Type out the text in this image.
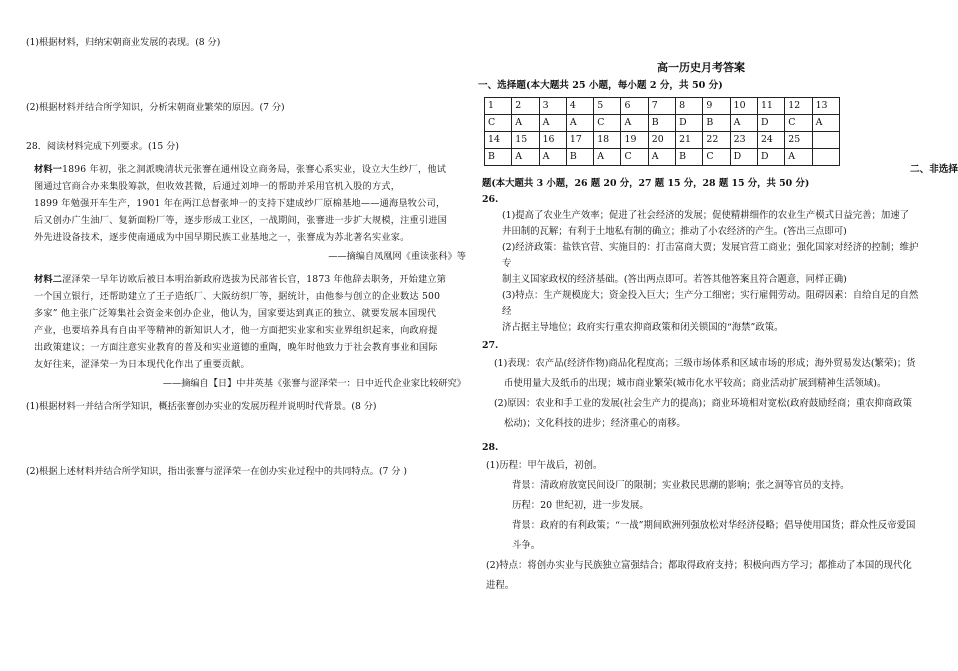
(1)根据材料，归纳宋朝商业发展的表现。(8 分)

(2)根据材料并结合所学知识，分析宋朝商业繁荣的原因。(7 分)

28．阅读材料完成下列要求。(15 分)

材料一1896 年初，张之洞派晚清状元张謇在通州设立商务局，张謇心系实业，设立大生纱厂，他试

图通过官商合办来集股筹款，但收效甚微，后通过刘坤一的帮助并采用官机入股的方式，

1899 年勉强开车生产，1901 年在两江总督张坤一的支持下建成纱厂原棉基地——通海垦牧公司，

后又创办广生油厂、复新面粉厂等，逐步形成工业区，一战期间，张謇进一步扩大规模，注重引进国

外先进设备技术，逐步使南通成为中国早期民族工业基地之一，张謇成为苏北著名实业家。

——摘编自凤凰网《重读张科》等

材料二涩泽荣一早年访欧后被日本明治新政府选拔为民部省长官，1873 年他辞去职务，开始建立第

一个国立银行，还帮助建立了王子造纸厂、大阪纺织厂等，据统计，由他参与创立的企业数达 500

多家” 他主张广泛筹集社会资金来创办企业，他认为，国家要达到真正的独立、就要发展本国现代

产业，也要培养具有自由平等精神的新知识人才，他一方面把实业家和实业界组织起来，向政府提

出政策建议；一方面注意实业教育的普及和实业道德的重陶，晚年时他致力于社会教育事业和国际

友好往来，涩泽荣一为日本现代化作出了重要贡献。

——摘编自【日】中井英基《张謇与涩泽荣一：日中近代企业家比较研究》

(1)根据材料一并结合所学知识，概括张謇创办实业的发展历程并说明时代背景。(8 分)

(2)根据上述材料并结合所学知识，指出张謇与涩泽荣一在创办实业过程中的共同特点。(7 分 )

高一历史月考答案

一、选择题(本大题共 25 小题，每小题 2 分，共 50 分)

1	2	3	4	5	6	7	8	9	10	11	12	13
C	A	A	A	C	A	B	D	B	A	D	C	A
14	15	16	17	18	19	20	21	22	23	24	25	
B	A	A	B	A	C	A	B	C	D	D	A	
二、非选择
题(本大题共 3 小题，26 题 20 分，27 题 15 分，28 题 15 分，共 50 分)

26.

(1)提高了农业生产效率；促进了社会经济的发展；促使精耕细作的农业生产模式日益完善；加速了

井田制的瓦解；有利于土地私有制的确立；推动了小农经济的产生。(答出三点即可)

(2)经济政策：盐铁官营、实施目的：打击富商大贾；发展官营工商业；强化国家对经济的控制；维护专

制主义国家政权的经济基础。(答出两点即可。若答其他答案且符合题意，同样正确)

(3)特点：生产规模庞大；资金投入巨大；生产分工细密；实行雇佣劳动。阻碍因素：自给自足的自然经

济占据主导地位；政府实行重农抑商政策和闭关锁国的“海禁”政策。

27.

(1)表现：农产品(经济作物)商品化程度高；三级市场体系和区域市场的形成；海外贸易发达(繁荣)；货

币使用量大及纸币的出现；城市商业繁荣(城市化水平较高；商业活动扩展到精神生活领域)。

(2)原因：农业和手工业的发展(社会生产力的提高)；商业环境相对宽松(政府鼓励经商；重农抑商政策

松动)；文化科技的进步；经济重心的南移。

28.

(1)历程：甲午战后，初创。

背景：清政府放宽民间设厂的限制；实业救民思潮的影响；张之洞等官员的支持。

历程：20 世纪初，进一步发展。

背景：政府的有利政策；“一战”期间欧洲列强放松对华经济侵略；倡导使用国货；群众性反帝爱国

斗争。

(2)特点：将创办实业与民族独立富强结合；都取得政府支持；积极向西方学习；都推动了本国的现代化

进程。
